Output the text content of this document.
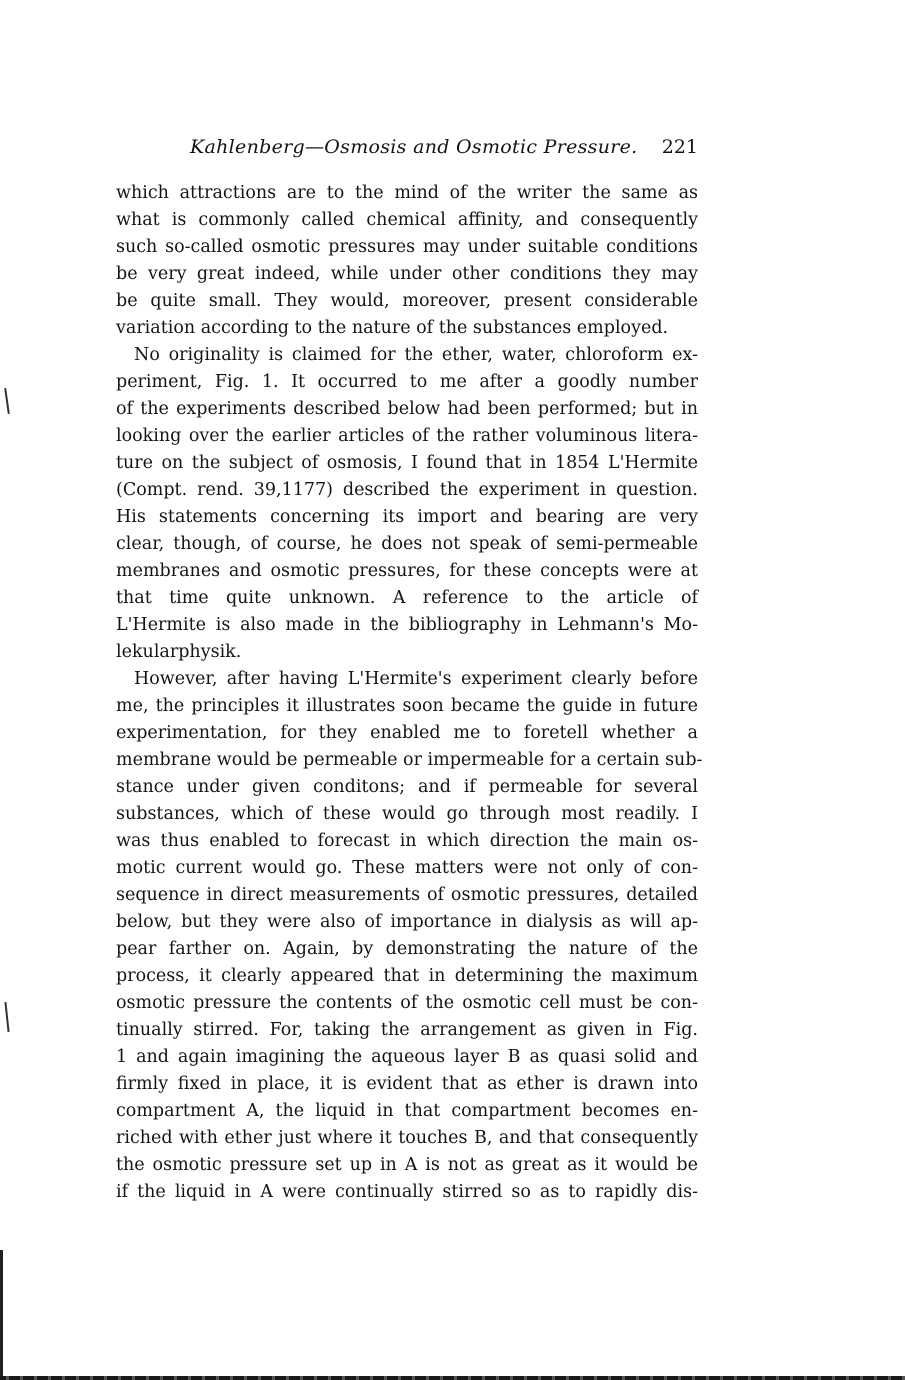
Kahlenberg—Osmosis and Osmotic Pressure. 221
which attractions are to the mind of the writer the same as
what is commonly called chemical affinity, and consequently
such so-called osmotic pressures may under suitable conditions
be very great indeed, while under other conditions they may
be quite small. They would, moreover, present considerable
variation according to the nature of the substances employed.
No originality is claimed for the ether, water, chloroform ex-
periment, Fig. 1. It occurred to me after a goodly number
of the experiments described below had been performed; but in
looking over the earlier articles of the rather voluminous litera-
ture on the subject of osmosis, I found that in 1854 L'Hermite
(Compt. rend. 39,1177) described the experiment in question.
His statements concerning its import and bearing are very
clear, though, of course, he does not speak of semi-permeable
membranes and osmotic pressures, for these concepts were at
that time quite unknown. A reference to the article of
L'Hermite is also made in the bibliography in Lehmann's Mo-
lekularphysik.
However, after having L'Hermite's experiment clearly before
me, the principles it illustrates soon became the guide in future
experimentation, for they enabled me to foretell whether a
membrane would be permeable or impermeable for a certain sub-
stance under given conditons; and if permeable for several
substances, which of these would go through most readily. I
was thus enabled to forecast in which direction the main os-
motic current would go. These matters were not only of con-
sequence in direct measurements of osmotic pressures, detailed
below, but they were also of importance in dialysis as will ap-
pear farther on. Again, by demonstrating the nature of the
process, it clearly appeared that in determining the maximum
osmotic pressure the contents of the osmotic cell must be con-
tinually stirred. For, taking the arrangement as given in Fig.
1 and again imagining the aqueous layer B as quasi solid and
firmly fixed in place, it is evident that as ether is drawn into
compartment A, the liquid in that compartment becomes en-
riched with ether just where it touches B, and that consequently
the osmotic pressure set up in A is not as great as it would be
if the liquid in A were continually stirred so as to rapidly dis-
